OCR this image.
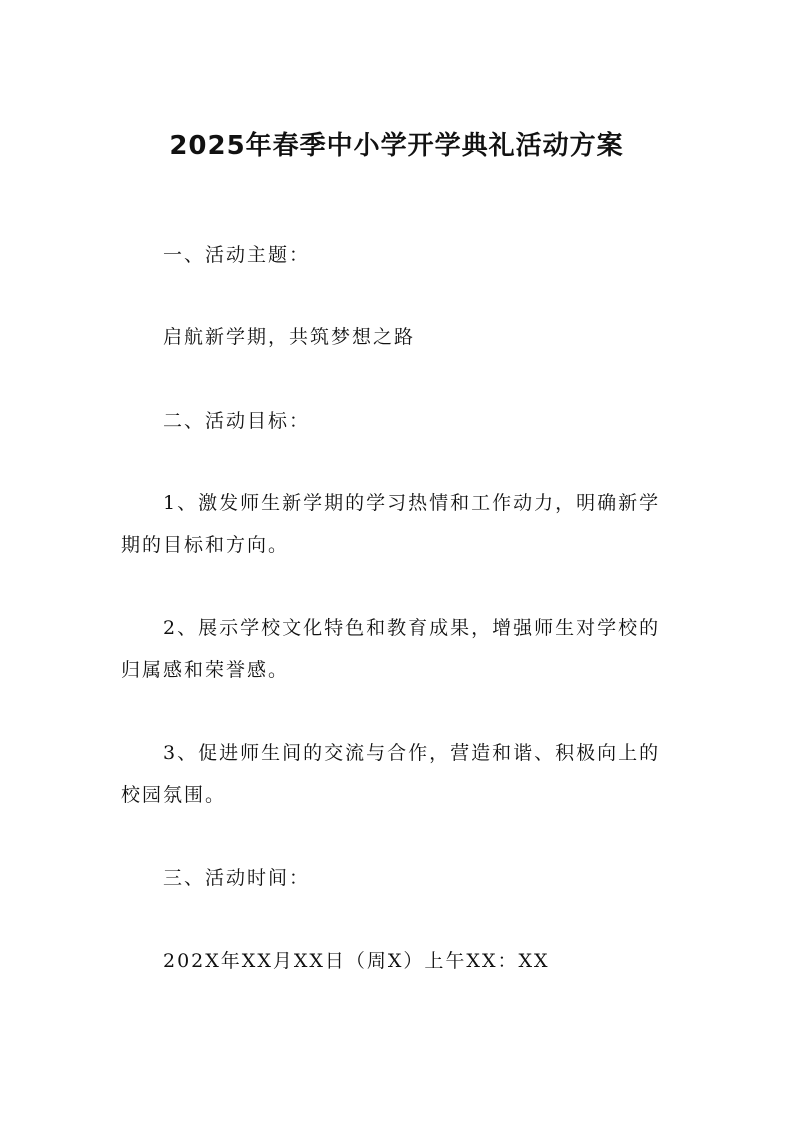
2025年春季中小学开学典礼活动方案
一、活动主题：
启航新学期，共筑梦想之路
二、活动目标：
1、激发师生新学期的学习热情和工作动力，明确新学
期的目标和方向。
2、展示学校文化特色和教育成果，增强师生对学校的
归属感和荣誉感。
3、促进师生间的交流与合作，营造和谐、积极向上的
校园氛围。
三、活动时间：
202X年XX月XX日（周X）上午XX：XX
